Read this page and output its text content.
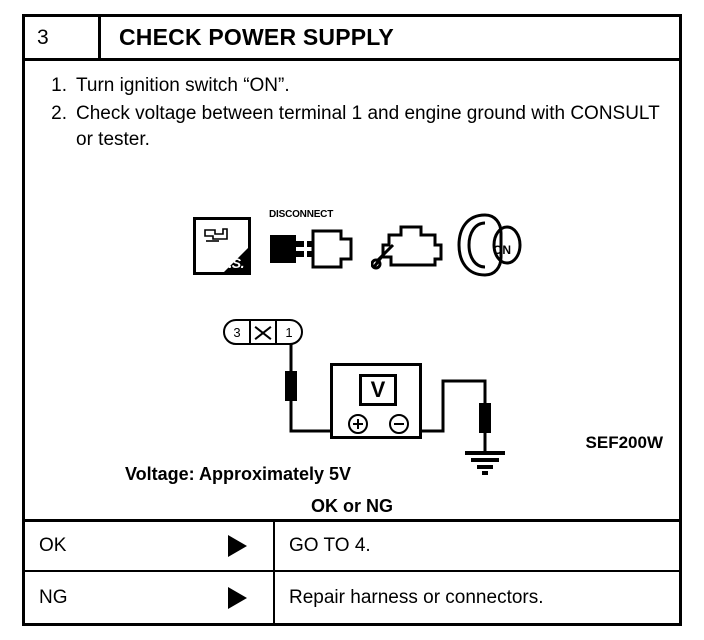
3	CHECK POWER SUPPLY
1. Turn ignition switch “ON”.
2. Check voltage between terminal 1 and engine ground with CONSULT or tester.
T.S.
DISCONNECT
ON
3	1
V
SEF200W
Voltage: Approximately 5V
OK or NG
OK	GO TO 4.
NG	Repair harness or connectors.
